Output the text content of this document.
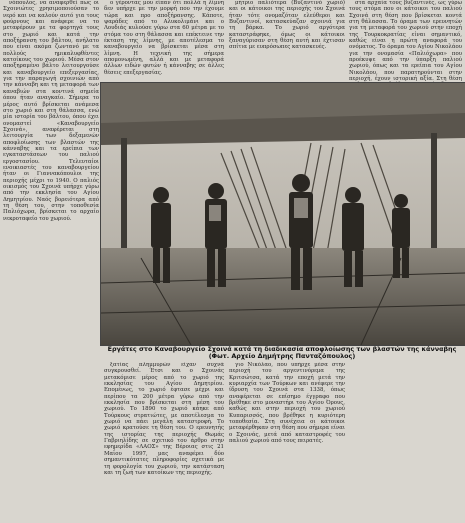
νόπουλος, να αναφερθεί πως οι Σχοινιώτες χρησιμοποιούσαν το νερό και να καλούν αυτό για τους φούρνους και ανάφερε να το μεταφέρουν με τα φορτηγά τους στο χωριό και κατά την αποξήρανση του βάλτου, ανήλατο που είναι ακόμα ζωντανό με τα πολλούς ημικαλυφθέντες κατοίκους του χωριού. Μέσα στον αποξηραμένο βάλτο λειτουργούσε και καναβουργείο επεξεργασίας, για την παραγωγή σχοινιών από την κάνναβη και τη μεταφορά των καναβιών στα κοντινά σημεία όπου ήταν αναγκαίο. Σήμερα το μέρος αυτό βρίσκεται ανάμεσα στο χωριό και στη θάλασσα, ενώ μία ιστορία του βάλτου, όπου έχει ονομαστεί «Καναβουργείο Σχοινά», αναφέρεται στη λειτουργία των δεξαμενών αποφλοίωσης των βλαστών της κάνναβης και τα ερείπια των εγκαταστάσεων του παλιού εργοστασίου. Τελευταίοι ενοικιαστές του καναβουργείου ήταν οι Γιαννακόπουλοι της περιοχής μέχρι το 1940. Ο παλιός οικισμός του Σχοινά υπήρχε γύρω από την εκκλησία του Αγίου Δημητρίου. Ναός βορειότερα από τη θέση του, στην τοποθεσία Παλιόχωρα, βρίσκεται το αρχαίο νεκροταφείο του χωριού.

ο γέροντας μου είπαν ότι πολλά η λίμνη δεν υπήρχε με την μορφή που την έχουμε τώρα και προ αποξήρανσης. Κάποτε, ψαράδες από το Αλυκολιμάνι και ο Λουδιάς κυλούσε γύρω στα 60 μέτρα με το στόμα του στη θάλασσα και επέκτεινε την έκταση της λίμνης, με αποτέλεσμα το καναβουργείο να βρίσκεται μέσα στη λίμνη. Η τεχνική της σήμερα απομονωμένη, αλλά και με μεταφορά άλλων ειδών φυτών ή κάνναβης σε άλλες θέσεις επεξεργασίας.

μήτριο παλιότερα (Βυζαντινό χωριό) και οι κάτοικοι της περιοχής του Σχοινά ήταν τότε ονομαζόταν ελεύθεροι και Βυζαντινοί, κατασκεύαζαν σχοινιά για τη βάρκα. Το χωριό αργότερα καταστράφηκε, όμως οι κάτοικοι ξαναγύρισαν στη θέση αυτή και έχτισαν σπίτια με ευπρόσωπες κατασκευές.

στα αρχαία τους βυζαντινές, ως γύρω τους στόμα που οι κάτοικοι του παλιού Σχοινά στη θέση που βρίσκεται κοντά στη θάλασσα. Το όραμα των ερευνητών για τη μεταφορά του χωριού στην εποχή της Τουρκοκρατίας είναι σημαντικό, καθώς είναι η πρώτη αναφορά του ονόματος. Το όραμα του Αγίου Νικολάου για την ονομασία «Παλιόχωρα» που προέκυψε από την ύπαρξη παλιού χωριού, όπως και τα ερείπια του Αγίου Νικολάου, που παρατηρούνται στην περιοχή, έχουν ιστορική αξία. Στη θέση

Εργάτες στο Καναβουργείο Σχοινά κατά τη διαδικασία αποφλοίωσης των βλαστών της κάνναβης (Φωτ. Αρχείο Δημήτρης Πανταζόπουλος)

ξατίας πλημμυρών είχαν συχνά συγκρουσθεί. Έτσι και ο Σχοινάς μετακόμισε μέρος από το χωριό της εκκλησίας του Αγίου Δημητρίου. Επομένως, το χωριό έφτασε μέχρι και περίπου τα 200 μέτρα γύρω από την εκκλησία που βρίσκεται στη μέση του χωριού. Το 1890 το χωριό κάηκε από Τούρκους στρατιώτες, με αποτέλεσμα το χωριό να πάει μεγάλη καταστροφή. Το χωριό κρατούσε τη θέση του. Ο ερευνητής της ιστορίας της περιοχής Θωμάς Γαβριηλίδης σε σχετικό του άρθρο στην εφημερίδα «ΛΑΟΣ» της Βέροιας στις 21 Μαΐου 1997, μας αναφέρει δύο σημαντικότατες πληροφορίες σχετικά με τη φορολογία του χωριού, την κατάσταση και τη ζωή των κατοίκων της περιοχής.

γιο Νικόλαο, που υπήρχε μέσα στην περιοχή του αργεντινόρεμα της Κριτσώτσα, κατά την εποχή μετά την κυριαρχία των Τούρκων και ανέφερε την ίδρυση του Σχοινά στα 1338, όπως αναφέρεται σε επίσημο έγγραφο που βρέθηκε στο μοναστήρι του Αγίου Όρους, καθώς και στην περιοχή του χωριού Κυπαρισσός, που βρέθηκε η κυριότερη τοποθεσία. Στη συνέχεια οι κάτοικοι μεταφέρθηκαν στη θέση που σήμερα είναι ο Σχοινάς, μετά από καταστροφές του παλιού χωριού από τους πειρατές.
